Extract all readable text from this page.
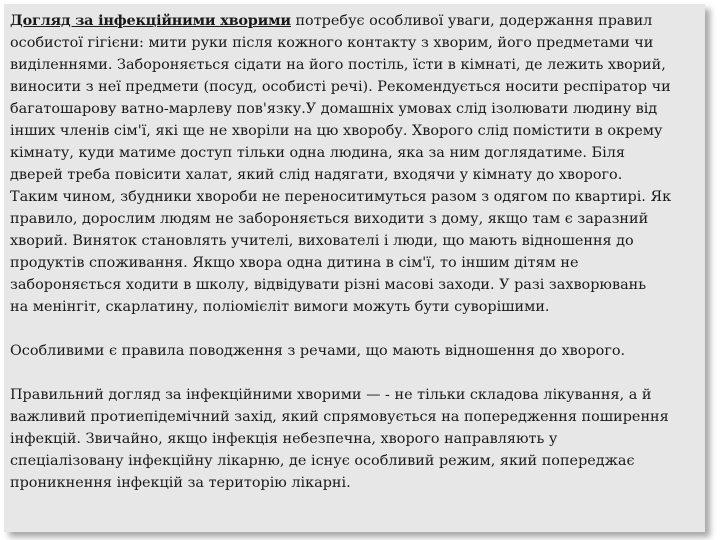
Догляд за інфекційними хворими потребує особливої уваги, додержання правил
особистої гігієни: мити руки після кожного контакту з хворим, його предметами чи
виділеннями. Забороняється сідати на його постіль, їсти в кімнаті, де лежить хворий,
виносити з неї предмети (посуд, особисті речі). Рекомендується носити респіратор чи
багатошарову ватно-марлеву пов'язку.У домашніх умовах слід ізолювати людину від
інших членів сім'ї, які ще не хворіли на цю хворобу. Хворого слід помістити в окрему
кімнату, куди матиме доступ тільки одна людина, яка за ним доглядатиме. Біля
дверей треба повісити халат, який слід надягати, входячи у кімнату до хворого.
Таким чином, збудники хвороби не переноситимуться разом з одягом по квартирі. Як
правило, дорослим людям не забороняється виходити з дому, якщо там є заразний
хворий. Виняток становлять учителі, вихователі і люди, що мають відношення до
продуктів споживання. Якщо хвора одна дитина в сім'ї, то іншим дітям не
забороняється ходити в школу, відвідувати різні масові заходи. У разі захворювань
на менінгіт, скарлатину, поліомієліт вимоги можуть бути суворішими.
Особливими є правила поводження з речами, що мають відношення до хворого.
Правильний догляд за інфекційними хворими — - не тільки складова лікування, а й
важливий протиепідемічний захід, який спрямовується на попередження поширення
інфекцій. Звичайно, якщо інфекція небезпечна, хворого направляють у
спеціалізовану інфекційну лікарню, де існує особливий режим, який попереджає
проникнення інфекцій за територію лікарні.
